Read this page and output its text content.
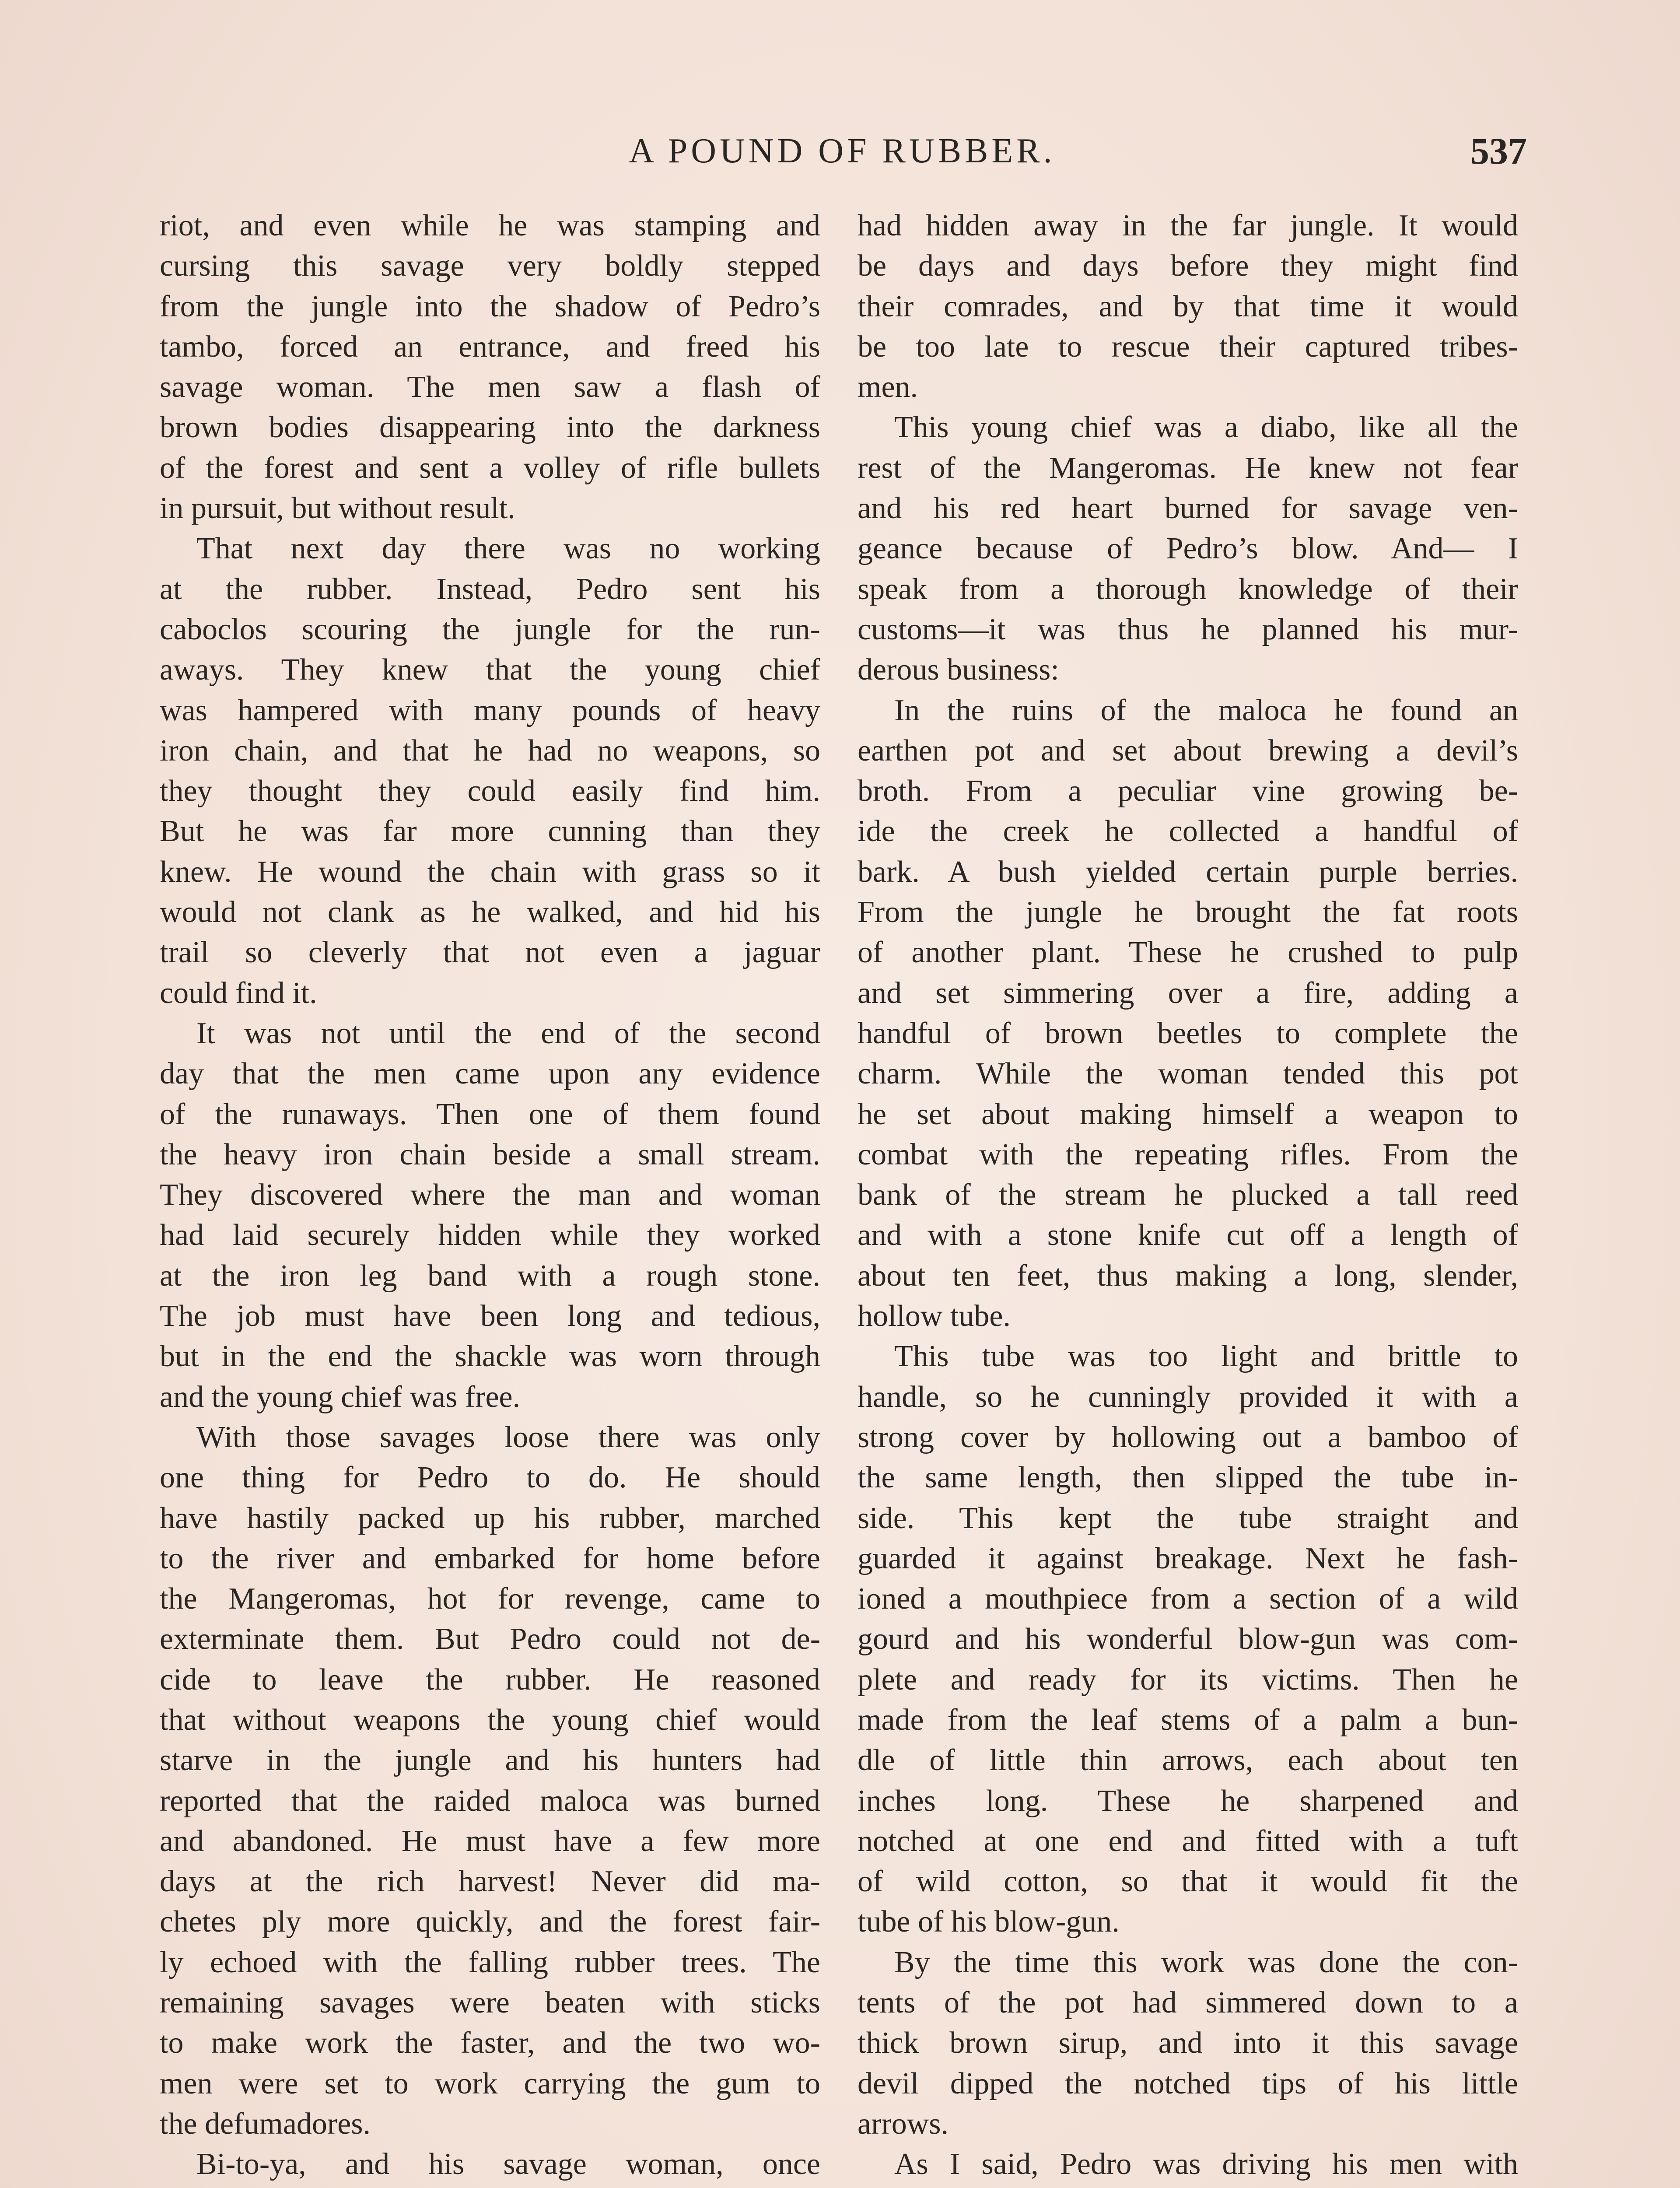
A POUND OF RUBBER.	537
riot, and even while he was stamping and
cursing this savage very boldly stepped
from the jungle into the shadow of Pedro’s
tambo, forced an entrance, and freed his
savage woman. The men saw a flash of
brown bodies disappearing into the darkness
of the forest and sent a volley of rifle bullets
in pursuit, but without result.
That next day there was no working
at the rubber. Instead, Pedro sent his
caboclos scouring the jungle for the run-
aways. They knew that the young chief
was hampered with many pounds of heavy
iron chain, and that he had no weapons, so
they thought they could easily find him.
But he was far more cunning than they
knew. He wound the chain with grass so it
would not clank as he walked, and hid his
trail so cleverly that not even a jaguar
could find it.
It was not until the end of the second
day that the men came upon any evidence
of the runaways. Then one of them found
the heavy iron chain beside a small stream.
They discovered where the man and woman
had laid securely hidden while they worked
at the iron leg band with a rough stone.
The job must have been long and tedious,
but in the end the shackle was worn through
and the young chief was free.
With those savages loose there was only
one thing for Pedro to do. He should
have hastily packed up his rubber, marched
to the river and embarked for home before
the Mangeromas, hot for revenge, came to
exterminate them. But Pedro could not de-
cide to leave the rubber. He reasoned
that without weapons the young chief would
starve in the jungle and his hunters had
reported that the raided maloca was burned
and abandoned. He must have a few more
days at the rich harvest! Never did ma-
chetes ply more quickly, and the forest fair-
ly echoed with the falling rubber trees. The
remaining savages were beaten with sticks
to make work the faster, and the two wo-
men were set to work carrying the gum to
the defumadores.
Bi-to-ya, and his savage woman, once
had hidden away in the far jungle. It would
be days and days before they might find
their comrades, and by that time it would
be too late to rescue their captured tribes-
men.
This young chief was a diabo, like all the
rest of the Mangeromas. He knew not fear
and his red heart burned for savage ven-
geance because of Pedro’s blow. And— I
speak from a thorough knowledge of their
customs—it was thus he planned his mur-
derous business:
In the ruins of the maloca he found an
earthen pot and set about brewing a devil’s
broth. From a peculiar vine growing be-
ide the creek he collected a handful of
bark. A bush yielded certain purple berries.
From the jungle he brought the fat roots
of another plant. These he crushed to pulp
and set simmering over a fire, adding a
handful of brown beetles to complete the
charm. While the woman tended this pot
he set about making himself a weapon to
combat with the repeating rifles. From the
bank of the stream he plucked a tall reed
and with a stone knife cut off a length of
about ten feet, thus making a long, slender,
hollow tube.
This tube was too light and brittle to
handle, so he cunningly provided it with a
strong cover by hollowing out a bamboo of
the same length, then slipped the tube in-
side. This kept the tube straight and
guarded it against breakage. Next he fash-
ioned a mouthpiece from a section of a wild
gourd and his wonderful blow-gun was com-
plete and ready for its victims. Then he
made from the leaf stems of a palm a bun-
dle of little thin arrows, each about ten
inches long. These he sharpened and
notched at one end and fitted with a tuft
of wild cotton, so that it would fit the
tube of his blow-gun.
By the time this work was done the con-
tents of the pot had simmered down to a
thick brown sirup, and into it this savage
devil dipped the notched tips of his little
arrows.
As I said, Pedro was driving his men with
